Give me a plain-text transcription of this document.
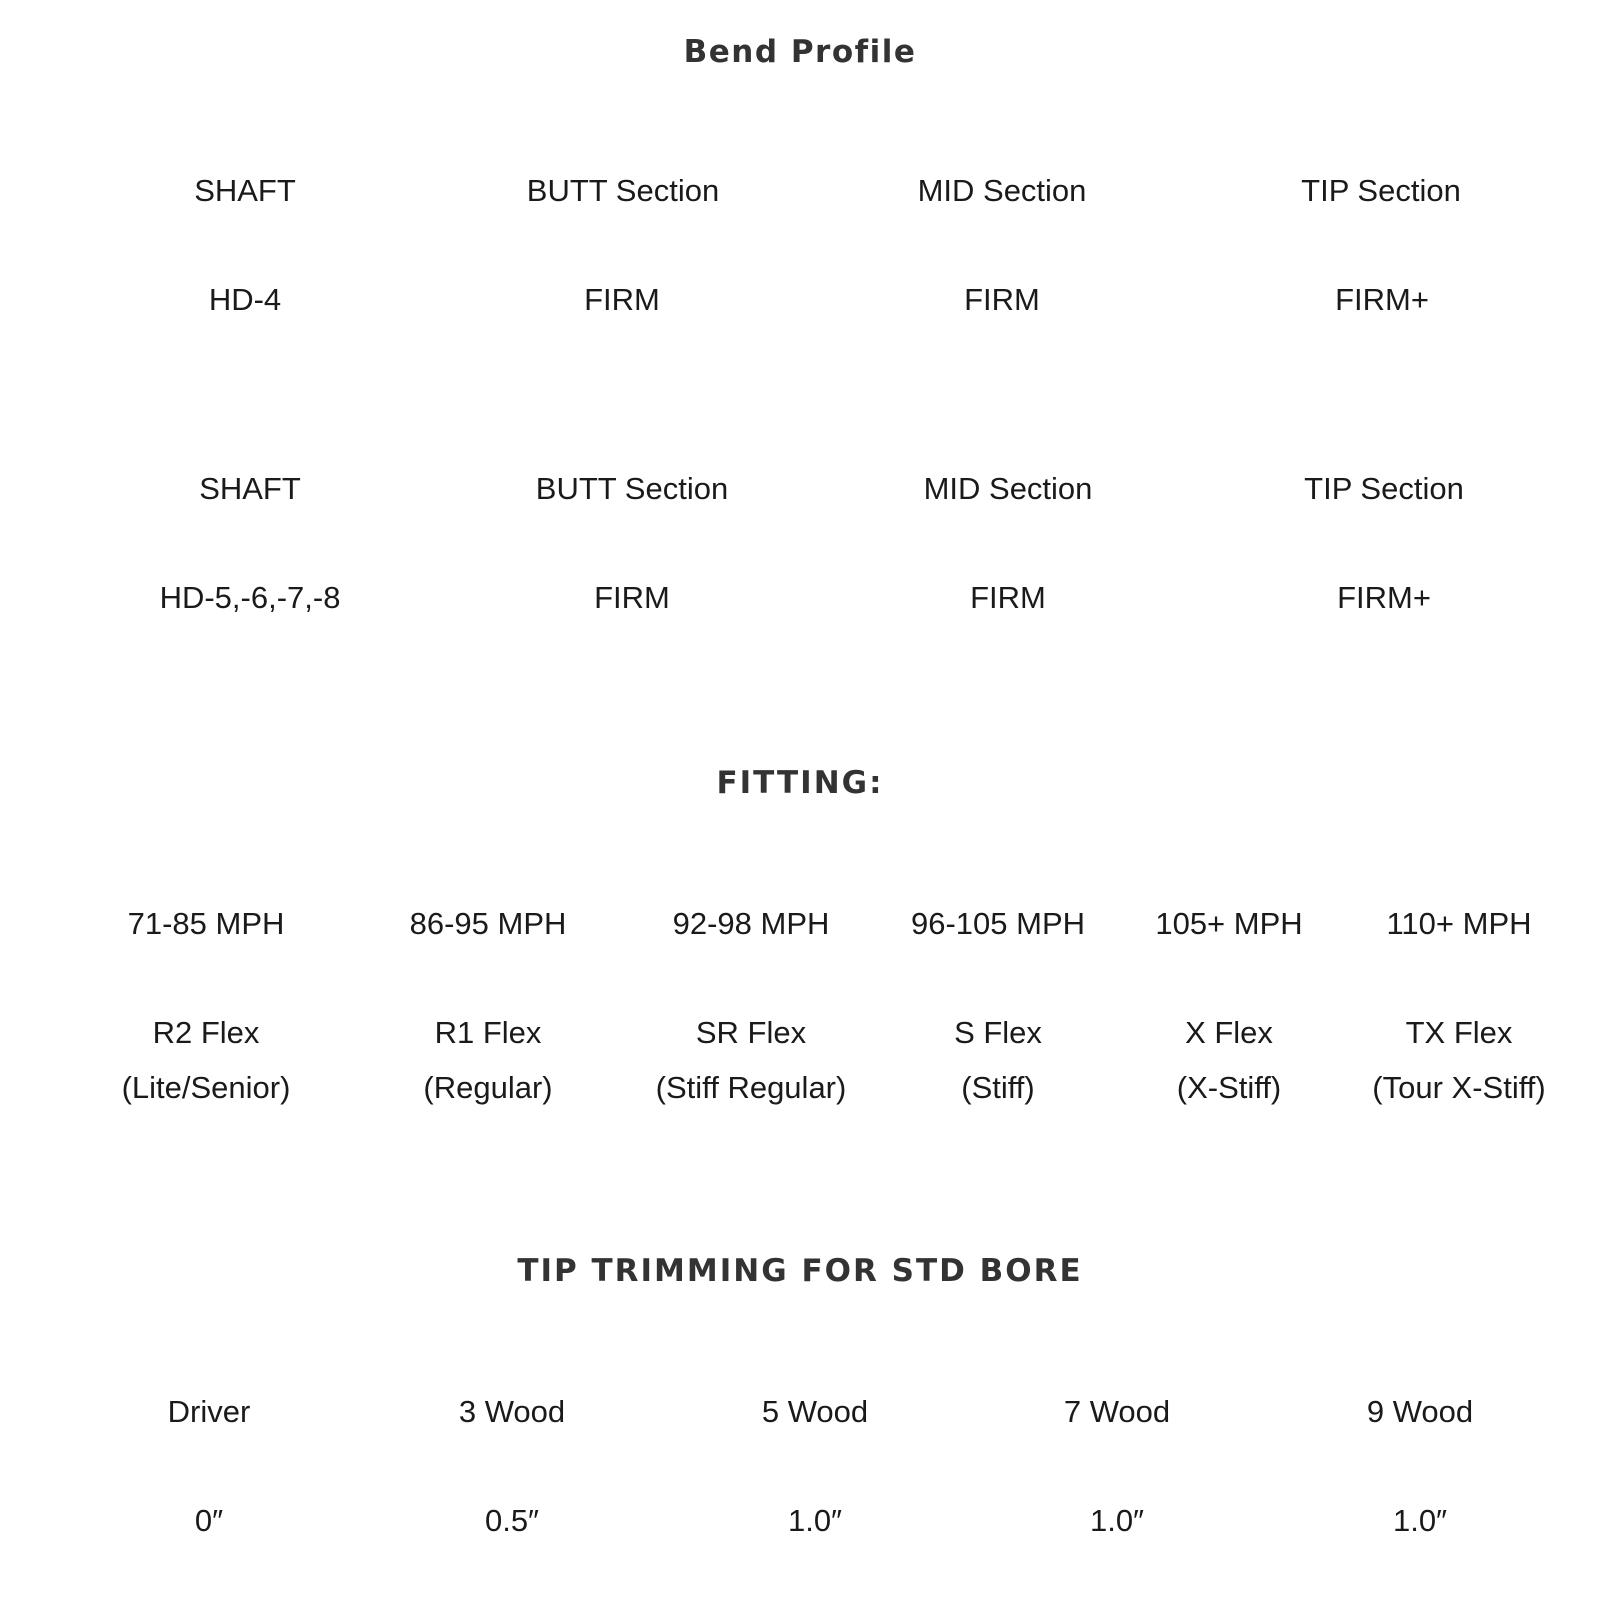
Bend Profile
SHAFT	BUTT Section	MID Section	TIP Section
HD-4	FIRM	FIRM	FIRM+
SHAFT	BUTT Section	MID Section	TIP Section
HD-5,-6,-7,-8	FIRM	FIRM	FIRM+
FITTING:
71-85 MPH	86-95 MPH	92-98 MPH	96-105 MPH 105+ MPH	110+ MPH
R2 Flex	R1 Flex	SR Flex	S Flex	X Flex	TX Flex
(Lite/Senior)	(Regular)	(Stiff Regular)	(Stiff)	(X-Stiff)	(Tour X-Stiff)
TIP TRIMMING FOR STD BORE
Driver	3 Wood	5 Wood	7 Wood	9 Wood
0″	0.5″	1.0″	1.0″	1.0″
